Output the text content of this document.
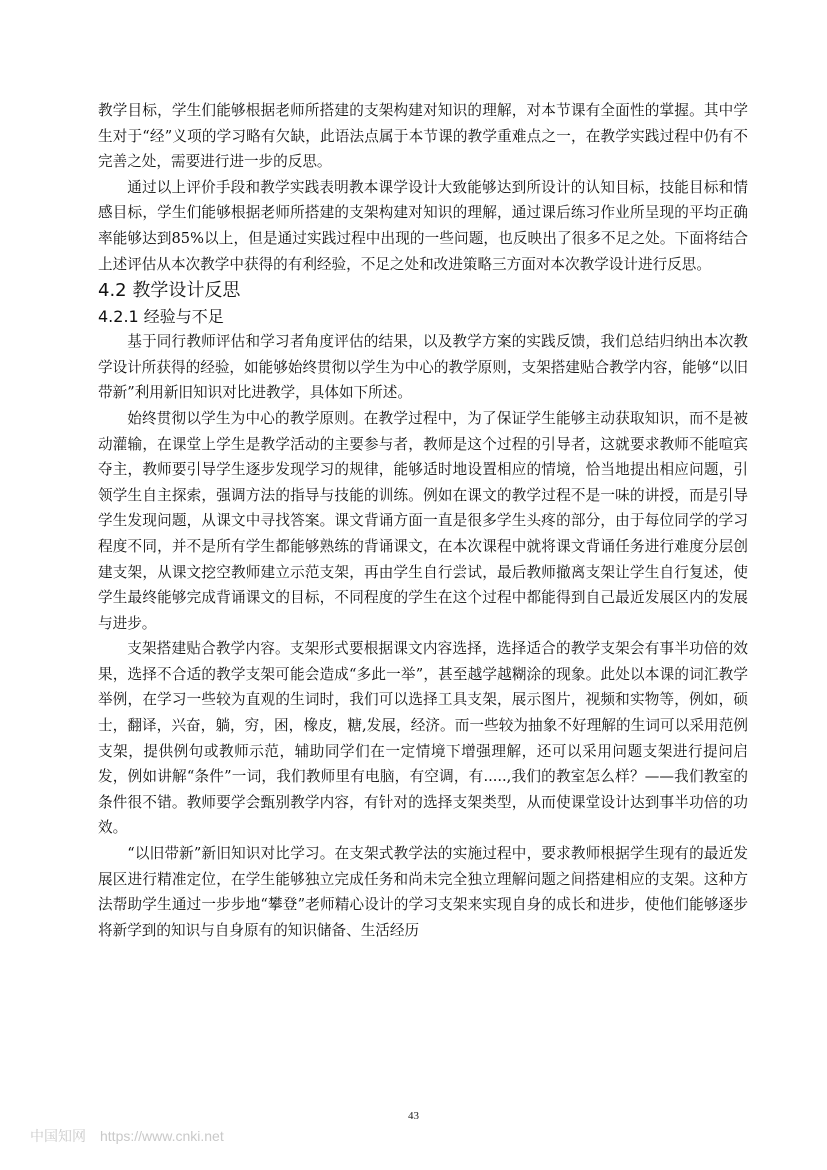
教学目标，学生们能够根据老师所搭建的支架构建对知识的理解，对本节课有全面性的掌握。其中学生对于“经”义项的学习略有欠缺，此语法点属于本节课的教学重难点之一，在教学实践过程中仍有不完善之处，需要进行进一步的反思。

通过以上评价手段和教学实践表明教本课学设计大致能够达到所设计的认知目标，技能目标和情感目标，学生们能够根据老师所搭建的支架构建对知识的理解，通过课后练习作业所呈现的平均正确率能够达到85%以上，但是通过实践过程中出现的一些问题，也反映出了很多不足之处。下面将结合上述评估从本次教学中获得的有利经验，不足之处和改进策略三方面对本次教学设计进行反思。

4.2 教学设计反思
4.2.1 经验与不足

基于同行教师评估和学习者角度评估的结果，以及教学方案的实践反馈，我们总结归纳出本次教学设计所获得的经验，如能够始终贯彻以学生为中心的教学原则，支架搭建贴合教学内容，能够“以旧带新”利用新旧知识对比进教学，具体如下所述。

始终贯彻以学生为中心的教学原则。在教学过程中，为了保证学生能够主动获取知识，而不是被动灌输，在课堂上学生是教学活动的主要参与者，教师是这个过程的引导者，这就要求教师不能喧宾夺主，教师要引导学生逐步发现学习的规律，能够适时地设置相应的情境，恰当地提出相应问题，引领学生自主探索，强调方法的指导与技能的训练。例如在课文的教学过程不是一味的讲授，而是引导学生发现问题，从课文中寻找答案。课文背诵方面一直是很多学生头疼的部分，由于每位同学的学习程度不同，并不是所有学生都能够熟练的背诵课文，在本次课程中就将课文背诵任务进行难度分层创建支架，从课文挖空教师建立示范支架，再由学生自行尝试，最后教师撤离支架让学生自行复述，使学生最终能够完成背诵课文的目标，不同程度的学生在这个过程中都能得到自己最近发展区内的发展与进步。

支架搭建贴合教学内容。支架形式要根据课文内容选择，选择适合的教学支架会有事半功倍的效果，选择不合适的教学支架可能会造成“多此一举”，甚至越学越糊涂的现象。此处以本课的词汇教学举例，在学习一些较为直观的生词时，我们可以选择工具支架，展示图片，视频和实物等，例如，硕士，翻译，兴奋，躺，穷，困，橡皮，糖,发展，经济。而一些较为抽象不好理解的生词可以采用范例支架，提供例句或教师示范，辅助同学们在一定情境下增强理解，还可以采用问题支架进行提问启发，例如讲解“条件”一词，我们教师里有电脑，有空调，有.....,我们的教室怎么样？——我们教室的条件很不错。教师要学会甄别教学内容，有针对的选择支架类型，从而使课堂设计达到事半功倍的功效。

“以旧带新”新旧知识对比学习。在支架式教学法的实施过程中，要求教师根据学生现有的最近发展区进行精准定位，在学生能够独立完成任务和尚未完全独立理解问题之间搭建相应的支架。这种方法帮助学生通过一步步地“攀登”老师精心设计的学习支架来实现自身的成长和进步，使他们能够逐步将新学到的知识与自身原有的知识储备、生活经历

43
中国知网 https://www.cnki.net
